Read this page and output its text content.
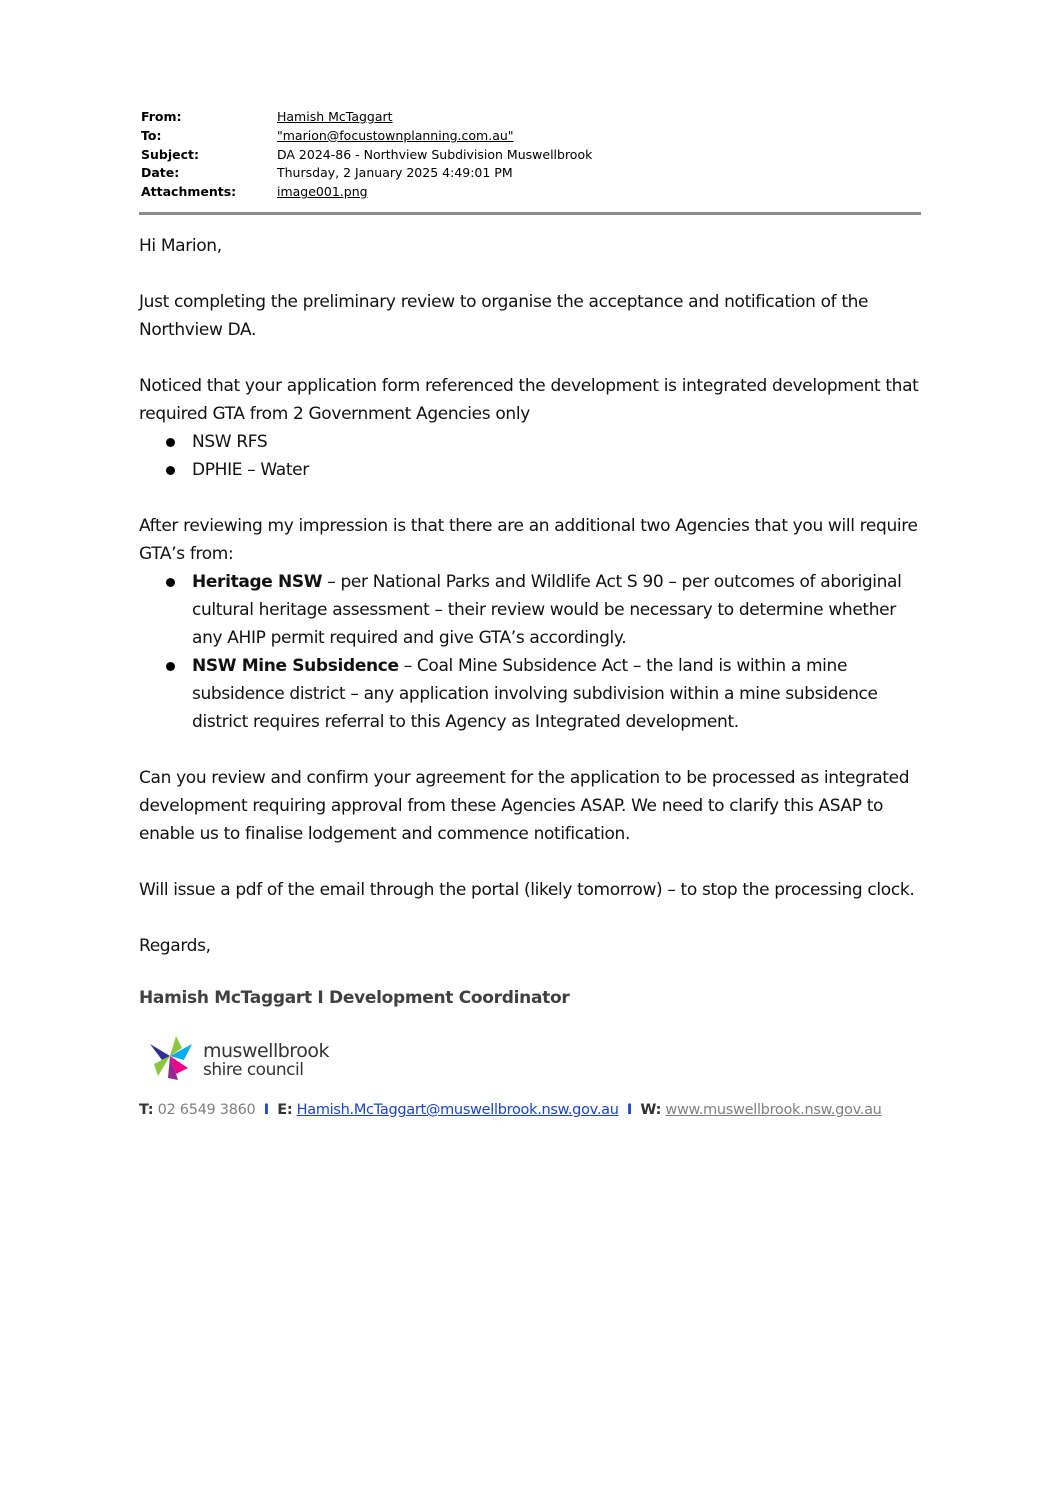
From:	Hamish McTaggart
To:	"marion@focustownplanning.com.au"
Subject:	DA 2024-86 - Northview Subdivision Muswellbrook
Date:	Thursday, 2 January 2025 4:49:01 PM
Attachments:	image001.png

Hi Marion,

Just completing the preliminary review to organise the acceptance and notification of the Northview DA.

Noticed that your application form referenced the development is integrated development that required GTA from 2 Government Agencies only

NSW RFS
DPHIE – Water

After reviewing my impression is that there are an additional two Agencies that you will require GTA’s from:

Heritage NSW – per National Parks and Wildlife Act S 90 – per outcomes of aboriginal cultural heritage assessment – their review would be necessary to determine whether any AHIP permit required and give GTA’s accordingly.
NSW Mine Subsidence – Coal Mine Subsidence Act – the land is within a mine subsidence district – any application involving subdivision within a mine subsidence district requires referral to this Agency as Integrated development.

Can you review and confirm your agreement for the application to be processed as integrated development requiring approval from these Agencies ASAP. We need to clarify this ASAP to enable us to finalise lodgement and commence notification.

Will issue a pdf of the email through the portal (likely tomorrow) – to stop the processing clock.

Regards,

Hamish McTaggart I Development Coordinator
muswellbrook
shire council
T: 02 6549 3860 I E: Hamish.McTaggart@muswellbrook.nsw.gov.au I W: www.muswellbrook.nsw.gov.au
